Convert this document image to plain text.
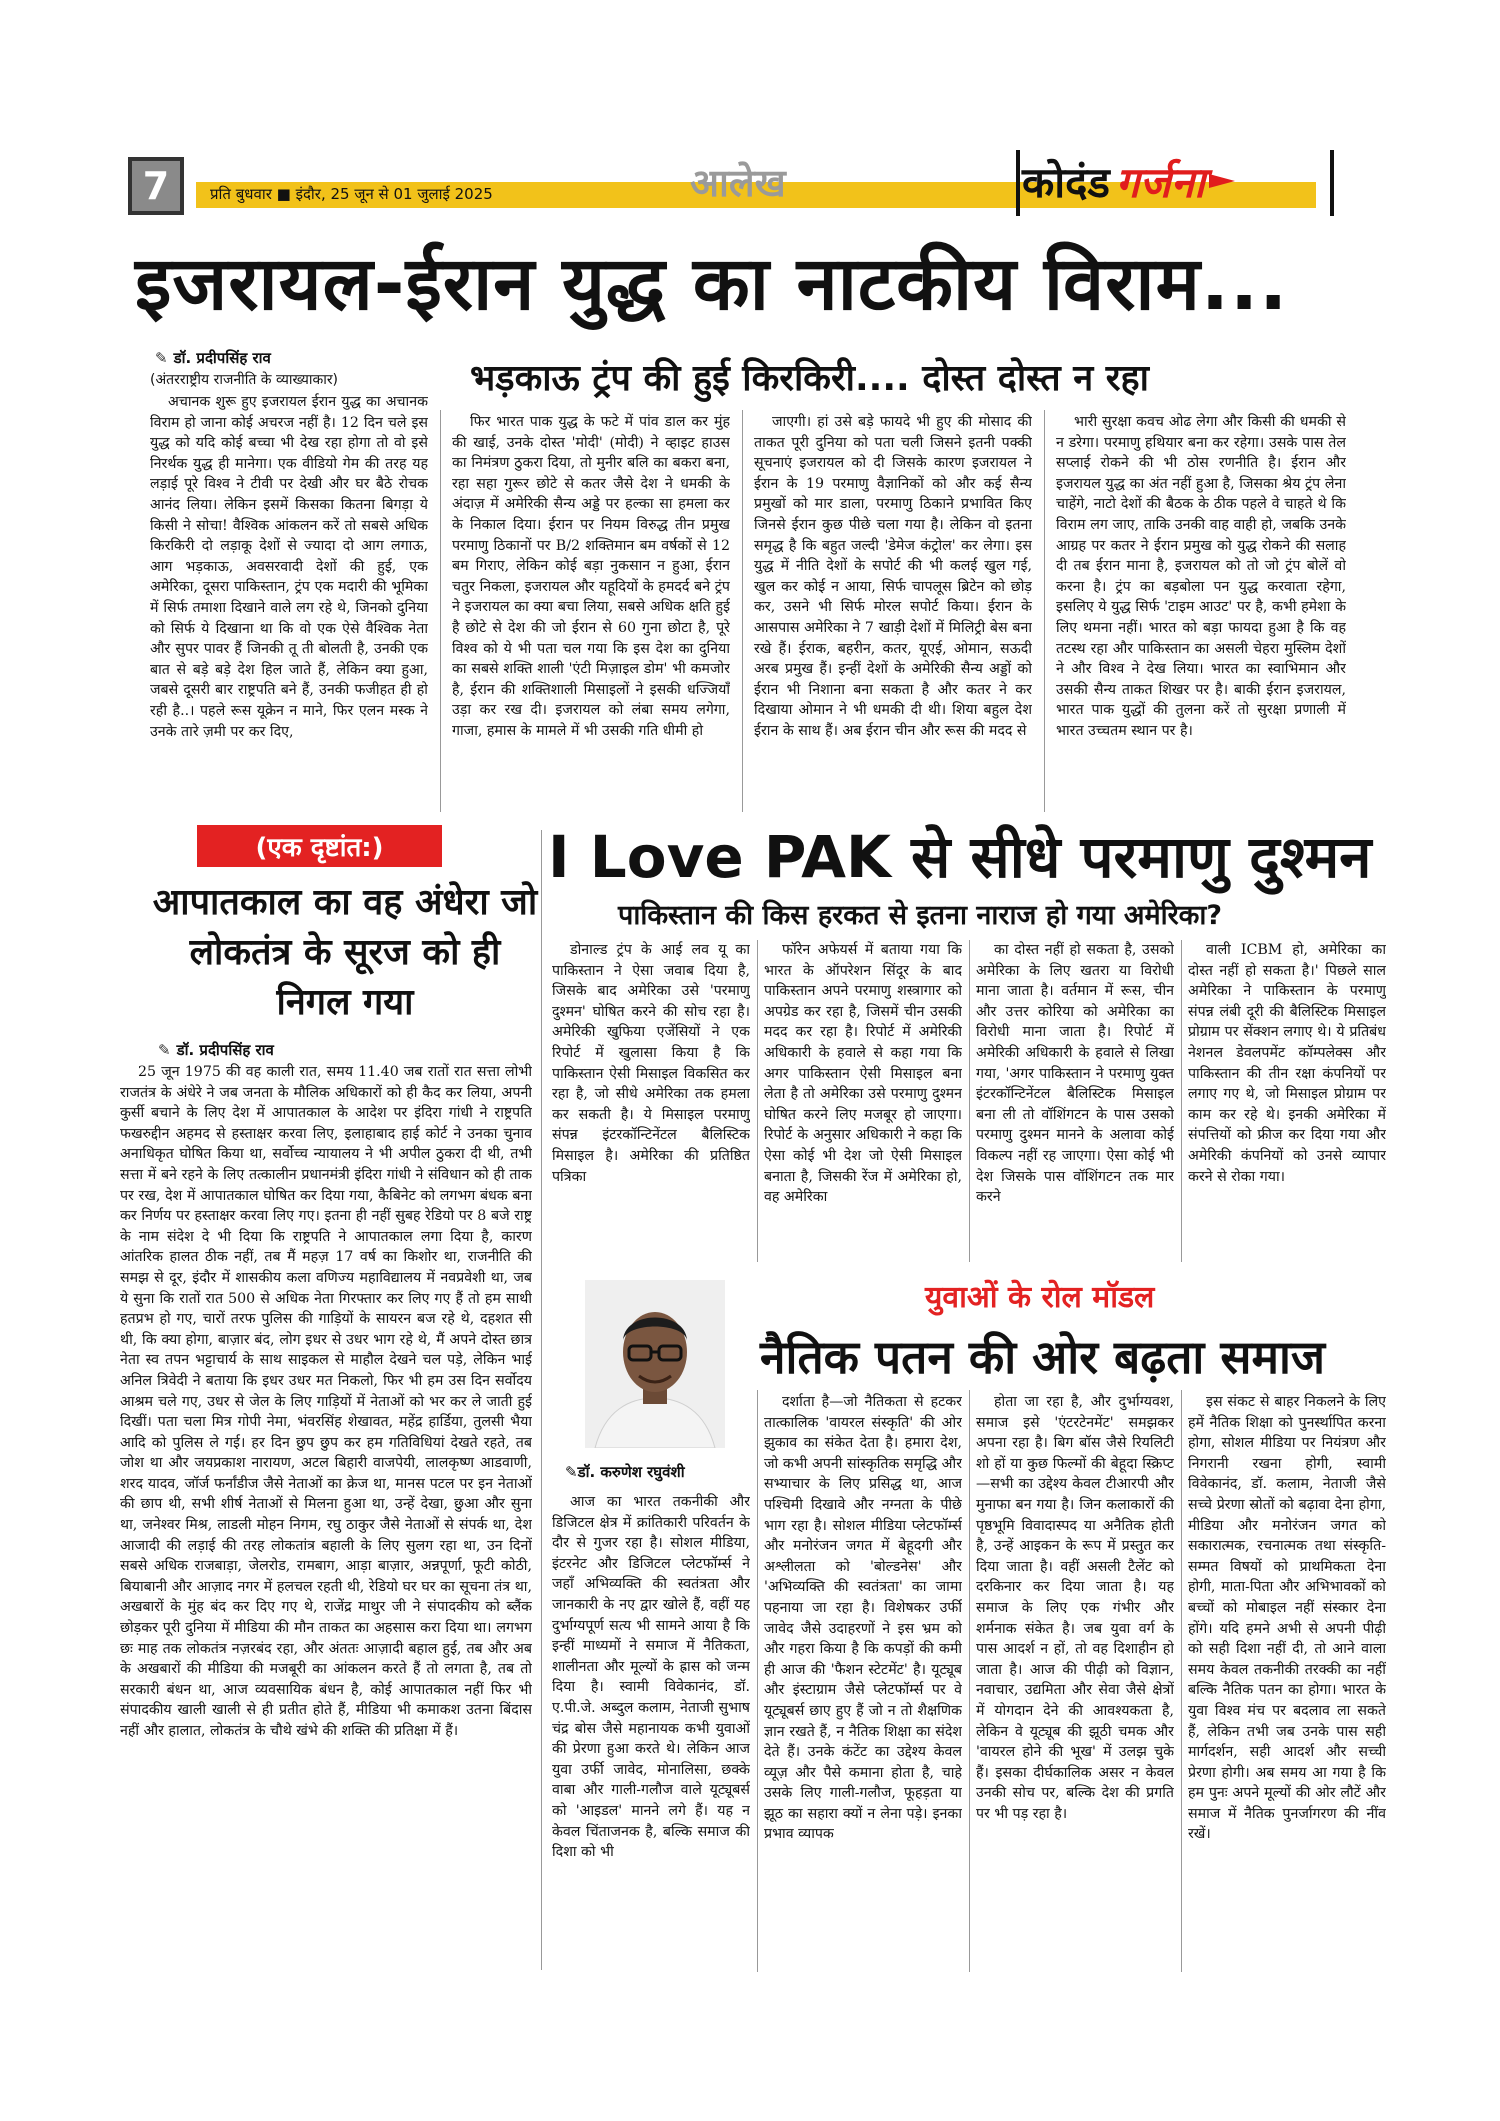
7	प्रति बुधवार ■ इंदौर, 25 जून से 01 जुलाई 2025	आलेख	कोदंड गर्जना
इजरायल-ईरान युद्ध का नाटकीय विराम...
✎ डॉ. प्रदीपसिंह राव
(अंतरराष्ट्रीय राजनीति के व्याख्याकार)	भड़काऊ ट्रंप की हुई किरकिरी.... दोस्त दोस्त न रहा

अचानक शुरू हुए इजरायल ईरान युद्ध का अचानक विराम हो जाना कोई अचरज नहीं है। 12 दिन चले इस युद्ध को यदि कोई बच्चा भी देख रहा होगा तो वो इसे निरर्थक युद्ध ही मानेगा। एक वीडियो गेम की तरह यह लड़ाई पूरे विश्व ने टीवी पर देखी और घर बैठे रोचक आनंद लिया। लेकिन इसमें किसका कितना बिगड़ा ये किसी ने सोचा! वैश्विक आंकलन करें तो सबसे अधिक किरकिरी दो लड़ाकू देशों से ज्यादा दो आग लगाऊ, आग भड़काऊ, अवसरवादी देशों की हुई, एक अमेरिका, दूसरा पाकिस्तान, ट्रंप एक मदारी की भूमिका में सिर्फ तमाशा दिखाने वाले लग रहे थे, जिनको दुनिया को सिर्फ ये दिखाना था कि वो एक ऐसे वैश्विक नेता और सुपर पावर हैं जिनकी तू ती बोलती है, उनकी एक बात से बड़े बड़े देश हिल जाते हैं, लेकिन क्या हुआ, जबसे दूसरी बार राष्ट्रपति बने हैं, उनकी फजीहत ही हो रही है..। पहले रूस यूक्रेन न माने, फिर एलन मस्क ने उनके तारे ज़मी पर कर दिए,

फिर भारत पाक युद्ध के फटे में पांव डाल कर मुंह की खाई, उनके दोस्त 'मोदी' (मोदी) ने व्हाइट हाउस का निमंत्रण ठुकरा दिया, तो मुनीर बलि का बकरा बना, रहा सहा गुरूर छोटे से कतर जैसे देश ने धमकी के अंदाज़ में अमेरिकी सैन्य अड्डे पर हल्का सा हमला कर के निकाल दिया। ईरान पर नियम विरुद्ध तीन प्रमुख परमाणु ठिकानों पर B/2 शक्तिमान बम वर्षकों से 12 बम गिराए, लेकिन कोई बड़ा नुकसान न हुआ, ईरान चतुर निकला, इजरायल और यहूदियों के हमदर्द बने ट्रंप ने इजरायल का क्या बचा लिया, सबसे अधिक क्षति हुई है छोटे से देश की जो ईरान से 60 गुना छोटा है, पूरे विश्व को ये भी पता चल गया कि इस देश का दुनिया का सबसे शक्ति शाली 'एंटी मिज़ाइल डोम' भी कमजोर है, ईरान की शक्तिशाली मिसाइलों ने इसकी धज्जियाँ उड़ा कर रख दी। इजरायल को लंबा समय लगेगा, गाजा, हमास के मामले में भी उसकी गति धीमी हो

जाएगी। हां उसे बड़े फायदे भी हुए की मोसाद की ताकत पूरी दुनिया को पता चली जिसने इतनी पक्की सूचनाएं इजरायल को दी जिसके कारण इजरायल ने ईरान के 19 परमाणु वैज्ञानिकों को और कई सैन्य प्रमुखों को मार डाला, परमाणु ठिकाने प्रभावित किए जिनसे ईरान कुछ पीछे चला गया है। लेकिन वो इतना समृद्ध है कि बहुत जल्दी 'डेमेज कंट्रोल' कर लेगा। इस युद्ध में नीति देशों के सपोर्ट की भी कलई खुल गई, खुल कर कोई न आया, सिर्फ चापलूस ब्रिटेन को छोड़ कर, उसने भी सिर्फ मोरल सपोर्ट किया। ईरान के आसपास अमेरिका ने 7 खाड़ी देशों में मिलिट्री बेस बना रखे हैं। ईराक, बहरीन, कतर, यूएई, ओमान, सऊदी अरब प्रमुख हैं। इन्हीं देशों के अमेरिकी सैन्य अड्डों को ईरान भी निशाना बना सकता है और कतर ने कर दिखाया ओमान ने भी धमकी दी थी। शिया बहुल देश ईरान के साथ हैं। अब ईरान चीन और रूस की मदद से

भारी सुरक्षा कवच ओढ लेगा और किसी की धमकी से न डरेगा। परमाणु हथियार बना कर रहेगा। उसके पास तेल सप्लाई रोकने की भी ठोस रणनीति है। ईरान और इजरायल युद्ध का अंत नहीं हुआ है, जिसका श्रेय ट्रंप लेना चाहेंगे, नाटो देशों की बैठक के ठीक पहले वे चाहते थे कि विराम लग जाए, ताकि उनकी वाह वाही हो, जबकि उनके आग्रह पर कतर ने ईरान प्रमुख को युद्ध रोकने की सलाह दी तब ईरान माना है, इजरायल को तो जो ट्रंप बोलें वो करना है। ट्रंप का बड़बोला पन युद्ध करवाता रहेगा, इसलिए ये युद्ध सिर्फ 'टाइम आउट' पर है, कभी हमेशा के लिए थमना नहीं। भारत को बड़ा फायदा हुआ है कि वह तटस्थ रहा और पाकिस्तान का असली चेहरा मुस्लिम देशों ने और विश्व ने देख लिया। भारत का स्वाभिमान और उसकी सैन्य ताकत शिखर पर है। बाकी ईरान इजरायल, भारत पाक युद्धों की तुलना करें तो सुरक्षा प्रणाली में भारत उच्चतम स्थान पर है।

(एक दृष्टांत:)
आपातकाल का वह अंधेरा जो लोकतंत्र के सूरज को ही निगल गया
✎ डॉ. प्रदीपसिंह राव

25 जून 1975 की वह काली रात, समय 11.40 जब रातों रात सत्ता लोभी राजतंत्र के अंधेरे ने जब जनता के मौलिक अधिकारों को ही कैद कर लिया, अपनी कुर्सी बचाने के लिए देश में आपातकाल के आदेश पर इंदिरा गांधी ने राष्ट्रपति फखरुद्दीन अहमद से हस्ताक्षर करवा लिए, इलाहाबाद हाई कोर्ट ने उनका चुनाव अनाधिकृत घोषित किया था, सर्वोच्च न्यायालय ने भी अपील ठुकरा दी थी, तभी सत्ता में बने रहने के लिए तत्कालीन प्रधानमंत्री इंदिरा गांधी ने संविधान को ही ताक पर रख, देश में आपातकाल घोषित कर दिया गया, कैबिनेट को लगभग बंधक बना कर निर्णय पर हस्ताक्षर करवा लिए गए। इतना ही नहीं सुबह रेडियो पर 8 बजे राष्ट्र के नाम संदेश दे भी दिया कि राष्ट्रपति ने आपातकाल लगा दिया है, कारण आंतरिक हालत ठीक नहीं, तब मैं महज़ 17 वर्ष का किशोर था, राजनीति की समझ से दूर, इंदौर में शासकीय कला वणिज्य महाविद्यालय में नवप्रवेशी था, जब ये सुना कि रातों रात 500 से अधिक नेता गिरफ्तार कर लिए गए हैं तो हम साथी हतप्रभ हो गए, चारों तरफ पुलिस की गाड़ियों के सायरन बज रहे थे, दहशत सी थी, कि क्या होगा, बाज़ार बंद, लोग इधर से उधर भाग रहे थे, मैं अपने दोस्त छात्र नेता स्व तपन भट्टाचार्य के साथ साइकल से माहौल देखने चल पड़े, लेकिन भाई अनिल त्रिवेदी ने बताया कि इधर उधर मत निकलो, फिर भी हम उस दिन सर्वोदय आश्रम चले गए, उधर से जेल के लिए गाड़ियों में नेताओं को भर कर ले जाती हुई दिखीं। पता चला मित्र गोपी नेमा, भंवरसिंह शेखावत, महेंद्र हार्डिया, तुलसी भैया आदि को पुलिस ले गई। हर दिन छुप छुप कर हम गतिविधियां देखते रहते, तब जोश था और जयप्रकाश नारायण, अटल बिहारी वाजपेयी, लालकृष्ण आडवाणी, शरद यादव, जॉर्ज फर्नांडीज जैसे नेताओं का क्रेज था, मानस पटल पर इन नेताओं की छाप थी, सभी शीर्ष नेताओं से मिलना हुआ था, उन्हें देखा, छुआ और सुना था, जनेश्वर मिश्र, लाडली मोहन निगम, रघु ठाकुर जैसे नेताओं से संपर्क था, देश आजादी की लड़ाई की तरह लोकतांत्र बहाली के लिए सुलग रहा था, उन दिनों सबसे अधिक राजबाड़ा, जेलरोड, रामबाग, आड़ा बाज़ार, अन्नपूर्णा, फूटी कोठी, बियाबानी और आज़ाद नगर में हलचल रहती थी, रेडियो घर घर का सूचना तंत्र था, अखबारों के मुंह बंद कर दिए गए थे, राजेंद्र माथुर जी ने संपादकीय को ब्लैंक छोड़कर पूरी दुनिया में मीडिया की मौन ताकत का अहसास करा दिया था। लगभग छः माह तक लोकतंत्र नज़रबंद रहा, और अंततः आज़ादी बहाल हुई, तब और अब के अखबारों की मीडिया की मजबूरी का आंकलन करते हैं तो लगता है, तब तो सरकारी बंधन था, आज व्यवसायिक बंधन है, कोई आपातकाल नहीं फिर भी संपादकीय खाली खाली से ही प्रतीत होते हैं, मीडिया भी कमाकश उतना बिंदास नहीं और हालात, लोकतंत्र के चौथे खंभे की शक्ति की प्रतिक्षा में हैं।

I Love PAK से सीधे परमाणु दुश्मन
पाकिस्तान की किस हरकत से इतना नाराज हो गया अमेरिका?

डोनाल्ड ट्रंप के आई लव यू का पाकिस्तान ने ऐसा जवाब दिया है, जिसके बाद अमेरिका उसे 'परमाणु दुश्मन' घोषित करने की सोच रहा है। अमेरिकी खुफिया एजेंसियों ने एक रिपोर्ट में खुलासा किया है कि पाकिस्तान ऐसी मिसाइल विकसित कर रहा है, जो सीधे अमेरिका तक हमला कर सकती है। ये मिसाइल परमाणु संपन्न इंटरकॉन्टिनेंटल बैलिस्टिक मिसाइल है। अमेरिका की प्रतिष्ठित पत्रिका

फॉरेन अफेयर्स में बताया गया कि भारत के ऑपरेशन सिंदूर के बाद पाकिस्तान अपने परमाणु शस्त्रागार को अपग्रेड कर रहा है, जिसमें चीन उसकी मदद कर रहा है। रिपोर्ट में अमेरिकी अधिकारी के हवाले से कहा गया कि अगर पाकिस्तान ऐसी मिसाइल बना लेता है तो अमेरिका उसे परमाणु दुश्मन घोषित करने लिए मजबूर हो जाएगा। रिपोर्ट के अनुसार अधिकारी ने कहा कि ऐसा कोई भी देश जो ऐसी मिसाइल बनाता है, जिसकी रेंज में अमेरिका हो, वह अमेरिका

का दोस्त नहीं हो सकता है, उसको अमेरिका के लिए खतरा या विरोधी माना जाता है। वर्तमान में रूस, चीन और उत्तर कोरिया को अमेरिका का विरोधी माना जाता है। रिपोर्ट में अमेरिकी अधिकारी के हवाले से लिखा गया, 'अगर पाकिस्तान ने परमाणु युक्त इंटरकॉन्टिनेंटल बैलिस्टिक मिसाइल बना ली तो वॉशिंगटन के पास उसको परमाणु दुश्मन मानने के अलावा कोई विकल्प नहीं रह जाएगा। ऐसा कोई भी देश जिसके पास वॉशिंगटन तक मार करने

वाली ICBM हो, अमेरिका का दोस्त नहीं हो सकता है।' पिछले साल अमेरिका ने पाकिस्तान के परमाणु संपन्न लंबी दूरी की बैलिस्टिक मिसाइल प्रोग्राम पर सेंक्शन लगाए थे। ये प्रतिबंध नेशनल डेवलपमेंट कॉम्पलेक्स और पाकिस्तान की तीन रक्षा कंपनियों पर लगाए गए थे, जो मिसाइल प्रोग्राम पर काम कर रहे थे। इनकी अमेरिका में संपत्तियों को फ्रीज कर दिया गया और अमेरिकी कंपनियों को उनसे व्यापार करने से रोका गया।

युवाओं के रोल मॉडल
नैतिक पतन की ओर बढ़ता समाज
✎डॉ. करुणेश रघुवंशी

आज का भारत तकनीकी और डिजिटल क्षेत्र में क्रांतिकारी परिवर्तन के दौर से गुजर रहा है। सोशल मीडिया, इंटरनेट और डिजिटल प्लेटफॉर्म्स ने जहाँ अभिव्यक्ति की स्वतंत्रता और जानकारी के नए द्वार खोले हैं, वहीं यह दुर्भाग्यपूर्ण सत्य भी सामने आया है कि इन्हीं माध्यमों ने समाज में नैतिकता, शालीनता और मूल्यों के ह्रास को जन्म दिया है। स्वामी विवेकानंद, डॉ. ए.पी.जे. अब्दुल कलाम, नेताजी सुभाष चंद्र बोस जैसे महानायक कभी युवाओं की प्रेरणा हुआ करते थे। लेकिन आज युवा उर्फी जावेद, मोनालिसा, छक्के वाबा और गाली-गलौज वाले यूट्यूबर्स को 'आइडल' मानने लगे हैं। यह न केवल चिंताजनक है, बल्कि समाज की दिशा को भी

दर्शाता है—जो नैतिकता से हटकर तात्कालिक 'वायरल संस्कृति' की ओर झुकाव का संकेत देता है। हमारा देश, जो कभी अपनी सांस्कृतिक समृद्धि और सभ्याचार के लिए प्रसिद्ध था, आज पश्चिमी दिखावे और नग्नता के पीछे भाग रहा है। सोशल मीडिया प्लेटफॉर्म्स और मनोरंजन जगत में बेहूदगी और अश्लीलता को 'बोल्डनेस' और 'अभिव्यक्ति की स्वतंत्रता' का जामा पहनाया जा रहा है। विशेषकर उर्फी जावेद जैसे उदाहरणों ने इस भ्रम को और गहरा किया है कि कपड़ों की कमी ही आज की 'फैशन स्टेटमेंट' है। यूट्यूब और इंस्टाग्राम जैसे प्लेटफॉर्म्स पर वे यूट्यूबर्स छाए हुए हैं जो न तो शैक्षणिक ज्ञान रखते हैं, न नैतिक शिक्षा का संदेश देते हैं। उनके कंटेंट का उद्देश्य केवल व्यूज़ और पैसे कमाना होता है, चाहे उसके लिए गाली-गलौज, फूहड़ता या झूठ का सहारा क्यों न लेना पड़े। इनका प्रभाव व्यापक

होता जा रहा है, और दुर्भाग्यवश, समाज इसे 'एंटरटेनमेंट' समझकर अपना रहा है। बिग बॉस जैसे रियलिटी शो हों या कुछ फिल्मों की बेहूदा स्क्रिप्ट—सभी का उद्देश्य केवल टीआरपी और मुनाफा बन गया है। जिन कलाकारों की पृष्ठभूमि विवादास्पद या अनैतिक होती है, उन्हें आइकन के रूप में प्रस्तुत कर दिया जाता है। वहीं असली टैलेंट को दरकिनार कर दिया जाता है। यह समाज के लिए एक गंभीर और शर्मनाक संकेत है। जब युवा वर्ग के पास आदर्श न हों, तो वह दिशाहीन हो जाता है। आज की पीढ़ी को विज्ञान, नवाचार, उद्यमिता और सेवा जैसे क्षेत्रों में योगदान देने की आवश्यकता है, लेकिन वे यूट्यूब की झूठी चमक और 'वायरल होने की भूख' में उलझ चुके हैं। इसका दीर्घकालिक असर न केवल उनकी सोच पर, बल्कि देश की प्रगति पर भी पड़ रहा है।

इस संकट से बाहर निकलने के लिए हमें नैतिक शिक्षा को पुनर्स्थापित करना होगा, सोशल मीडिया पर नियंत्रण और निगरानी रखना होगी, स्वामी विवेकानंद, डॉ. कलाम, नेताजी जैसे सच्चे प्रेरणा स्रोतों को बढ़ावा देना होगा, मीडिया और मनोरंजन जगत को सकारात्मक, रचनात्मक तथा संस्कृति-सम्मत विषयों को प्राथमिकता देना होगी, माता-पिता और अभिभावकों को बच्चों को मोबाइल नहीं संस्कार देना होंगे। यदि हमने अभी से अपनी पीढ़ी को सही दिशा नहीं दी, तो आने वाला समय केवल तकनीकी तरक्की का नहीं बल्कि नैतिक पतन का होगा। भारत के युवा विश्व मंच पर बदलाव ला सकते हैं, लेकिन तभी जब उनके पास सही मार्गदर्शन, सही आदर्श और सच्ची प्रेरणा होगी। अब समय आ गया है कि हम पुनः अपने मूल्यों की ओर लौटें और समाज में नैतिक पुनर्जागरण की नींव रखें।
